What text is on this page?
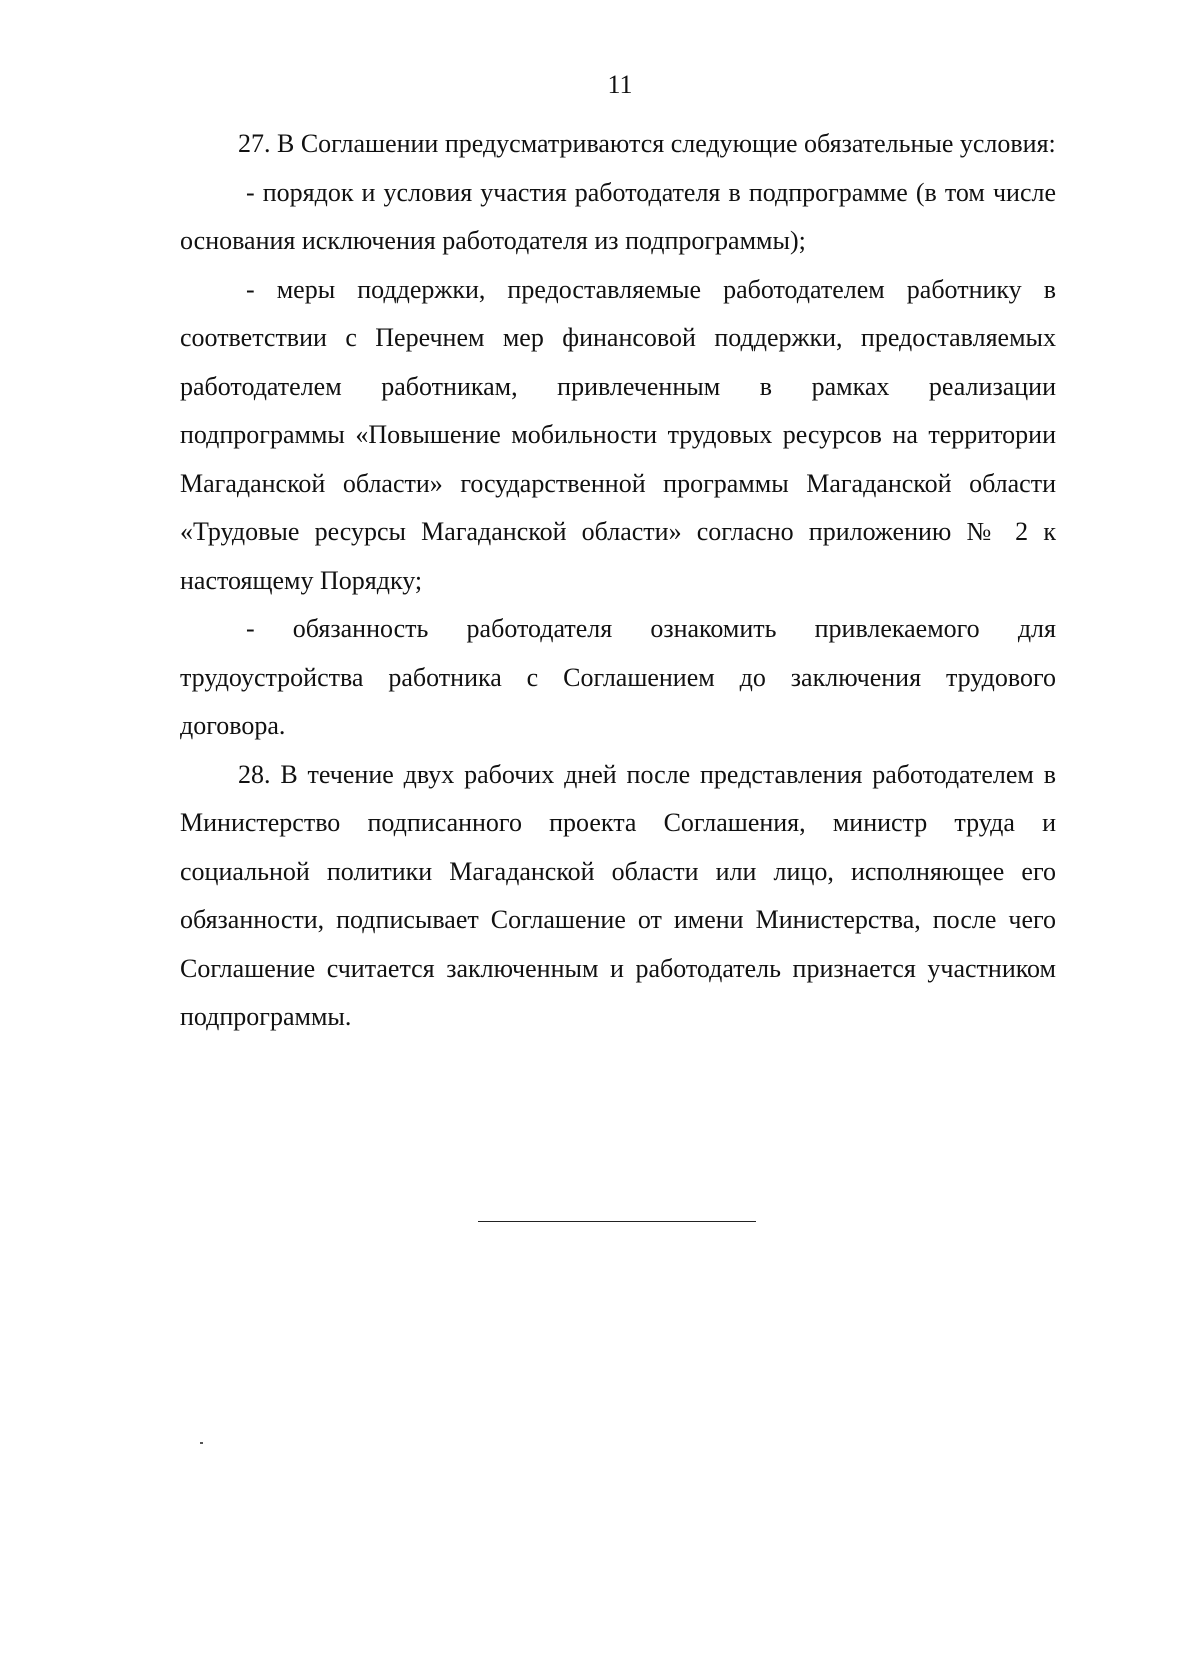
11

27. В Соглашении предусматриваются следующие обязательные условия:

- порядок и условия участия работодателя в подпрограмме (в том числе основания исключения работодателя из подпрограммы);

- меры поддержки, предоставляемые работодателем работнику в соответствии с Перечнем мер финансовой поддержки, предоставляемых работодателем работникам, привлеченным в рамках реализации подпрограммы «Повышение мобильности трудовых ресурсов на территории Магаданской области» государственной программы Магаданской области «Трудовые ресурсы Магаданской области» согласно приложению № 2 к настоящему Порядку;

- обязанность работодателя ознакомить привлекаемого для трудоустройства работника с Соглашением до заключения трудового договора.

28. В течение двух рабочих дней после представления работодателем в Министерство подписанного проекта Соглашения, министр труда и социальной политики Магаданской области или лицо, исполняющее его обязанности, подписывает Соглашение от имени Министерства, после чего Соглашение считается заключенным и работодатель признается участником подпрограммы.
